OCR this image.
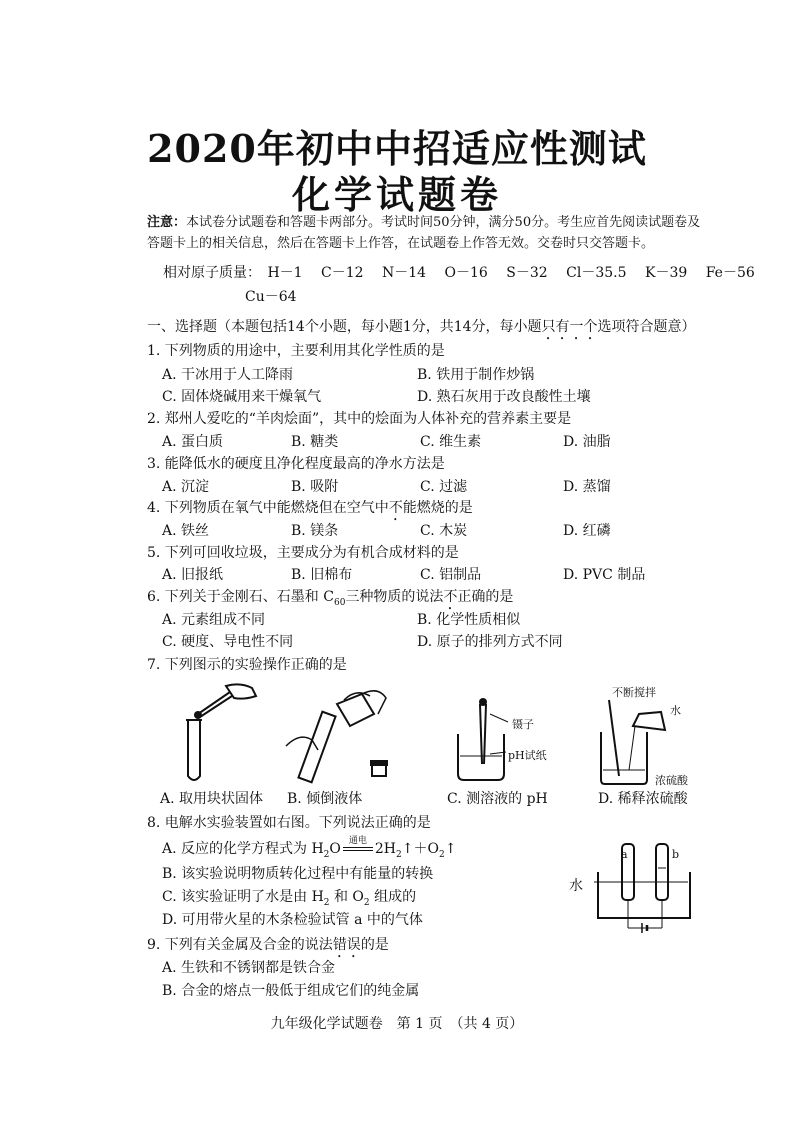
2020年初中中招适应性测试
化学试题卷
注意：本试卷分试题卷和答题卡两部分。考试时间50分钟，满分50分。考生应首先阅读试题卷及答题卡上的相关信息，然后在答题卡上作答，在试题卷上作答无效。交卷时只交答题卡。
相对原子质量： H－1 C－12 N－14 O－16 S－32 Cl－35.5 K－39 Fe－56
Cu－64
一、选择题（本题包括14个小题，每小题1分，共14分，每小题只有一个选项符合题意）
1. 下列物质的用途中，主要利用其化学性质的是
A. 干冰用于人工降雨	B. 铁用于制作炒锅
C. 固体烧碱用来干燥氧气	D. 熟石灰用于改良酸性土壤
2. 郑州人爱吃的“羊肉烩面”，其中的烩面为人体补充的营养素主要是
A. 蛋白质	B. 糖类	C. 维生素	D. 油脂
3. 能降低水的硬度且净化程度最高的净水方法是
A. 沉淀	B. 吸附	C. 过滤	D. 蒸馏
4. 下列物质在氧气中能燃烧但在空气中不能燃烧的是
A. 铁丝	B. 镁条	C. 木炭	D. 红磷
5. 下列可回收垃圾，主要成分为有机合成材料的是
A. 旧报纸	B. 旧棉布	C. 铝制品	D. PVC 制品
6. 下列关于金刚石、石墨和 $C_{60}$三种物质的说法不正确的是
A. 元素组成不同	B. 化学性质相似
C. 硬度、导电性不同	D. 原子的排列方式不同
7. 下列图示的实验操作正确的是
A. 取用块状固体 B. 倾倒液体
镊子
pH试纸
C. 测溶液的 pH
不断搅拌
水
浓硫酸
D. 稀释浓硫酸
8. 电解水实验装置如右图。下列说法正确的是
A. 反应的化学方程式为 $H_2O$ 通电 $2H_2↑+O_2↑$
B. 该实验说明物质转化过程中有能量的转换
C. 该实验证明了水是由 $H_2$ 和 $O_2$ 组成的
D. 可用带火星的木条检验试管 a 中的气体
a	b
水
9. 下列有关金属及合金的说法错误的是
A. 生铁和不锈钢都是铁合金
B. 合金的熔点一般低于组成它们的纯金属
九年级化学试题卷　第 1 页　（共 4 页）
